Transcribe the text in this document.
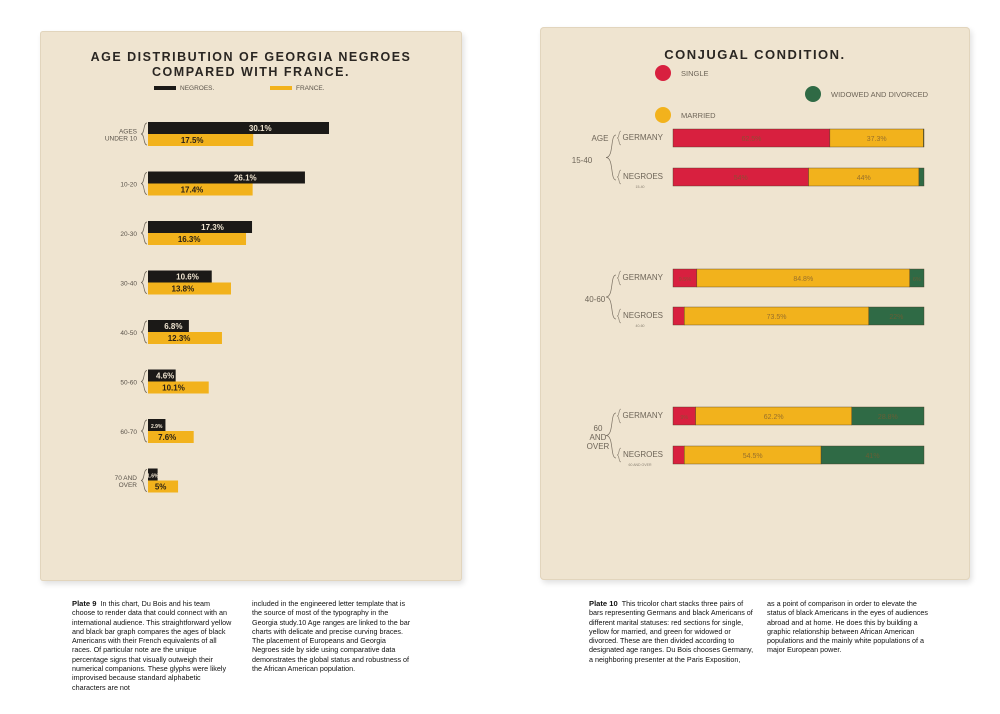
AGE DISTRIBUTION OF GEORGIA NEGROES
COMPARED WITH FRANCE.
NEGROES.	FRANCE.
AGES
UNDER 10
30.1%
17.5%
10-20
26.1%
17.4%
20-30
17.3%
16.3%
30-40
10.6%
13.8%
40-50
6.8%
12.3%
50-60
4.6%
10.1%
60-70
2.9%
7.6%
70 AND
OVER
1.6%
5%
CONJUGAL CONDITION.
SINGLE
WIDOWED AND DIVORCED
MARRIED
62.5%	37.3%
GERMANY
54%	44%
NEGROES
15-40
9.5%	84.8%	6%
GERMANY
73.5%	22%
NEGROES
40-60
9%	62.2%	28.8%
GERMANY
54.5%	41%
NEGROES
60 AND OVER
AGE
15-40
40-60
60
AND
OVER

Plate 9 In this chart, Du Bois and his team choose to render data that could connect with an international audience. This straightforward yellow and black bar graph compares the ages of black Americans with their French equivalents of all races. Of particular note are the unique percentage signs that visually outweigh their numerical companions. These glyphs were likely improvised because standard alphabetic characters are not

included in the engineered letter template that is the source of most of the typography in the Georgia study.10 Age ranges are linked to the bar charts with delicate and precise curving braces. The placement of Europeans and Georgia Negroes side by side using comparative data demonstrates the global status and robustness of the African American population.

Plate 10 This tricolor chart stacks three pairs of bars representing Germans and black Americans of different marital statuses: red sections for single, yellow for married, and green for widowed or divorced. These are then divided according to designated age ranges. Du Bois chooses Germany, a neighboring presenter at the Paris Exposition,

as a point of comparison in order to elevate the status of black Americans in the eyes of audiences abroad and at home. He does this by building a graphic relationship between African American populations and the mainly white populations of a major European power.
